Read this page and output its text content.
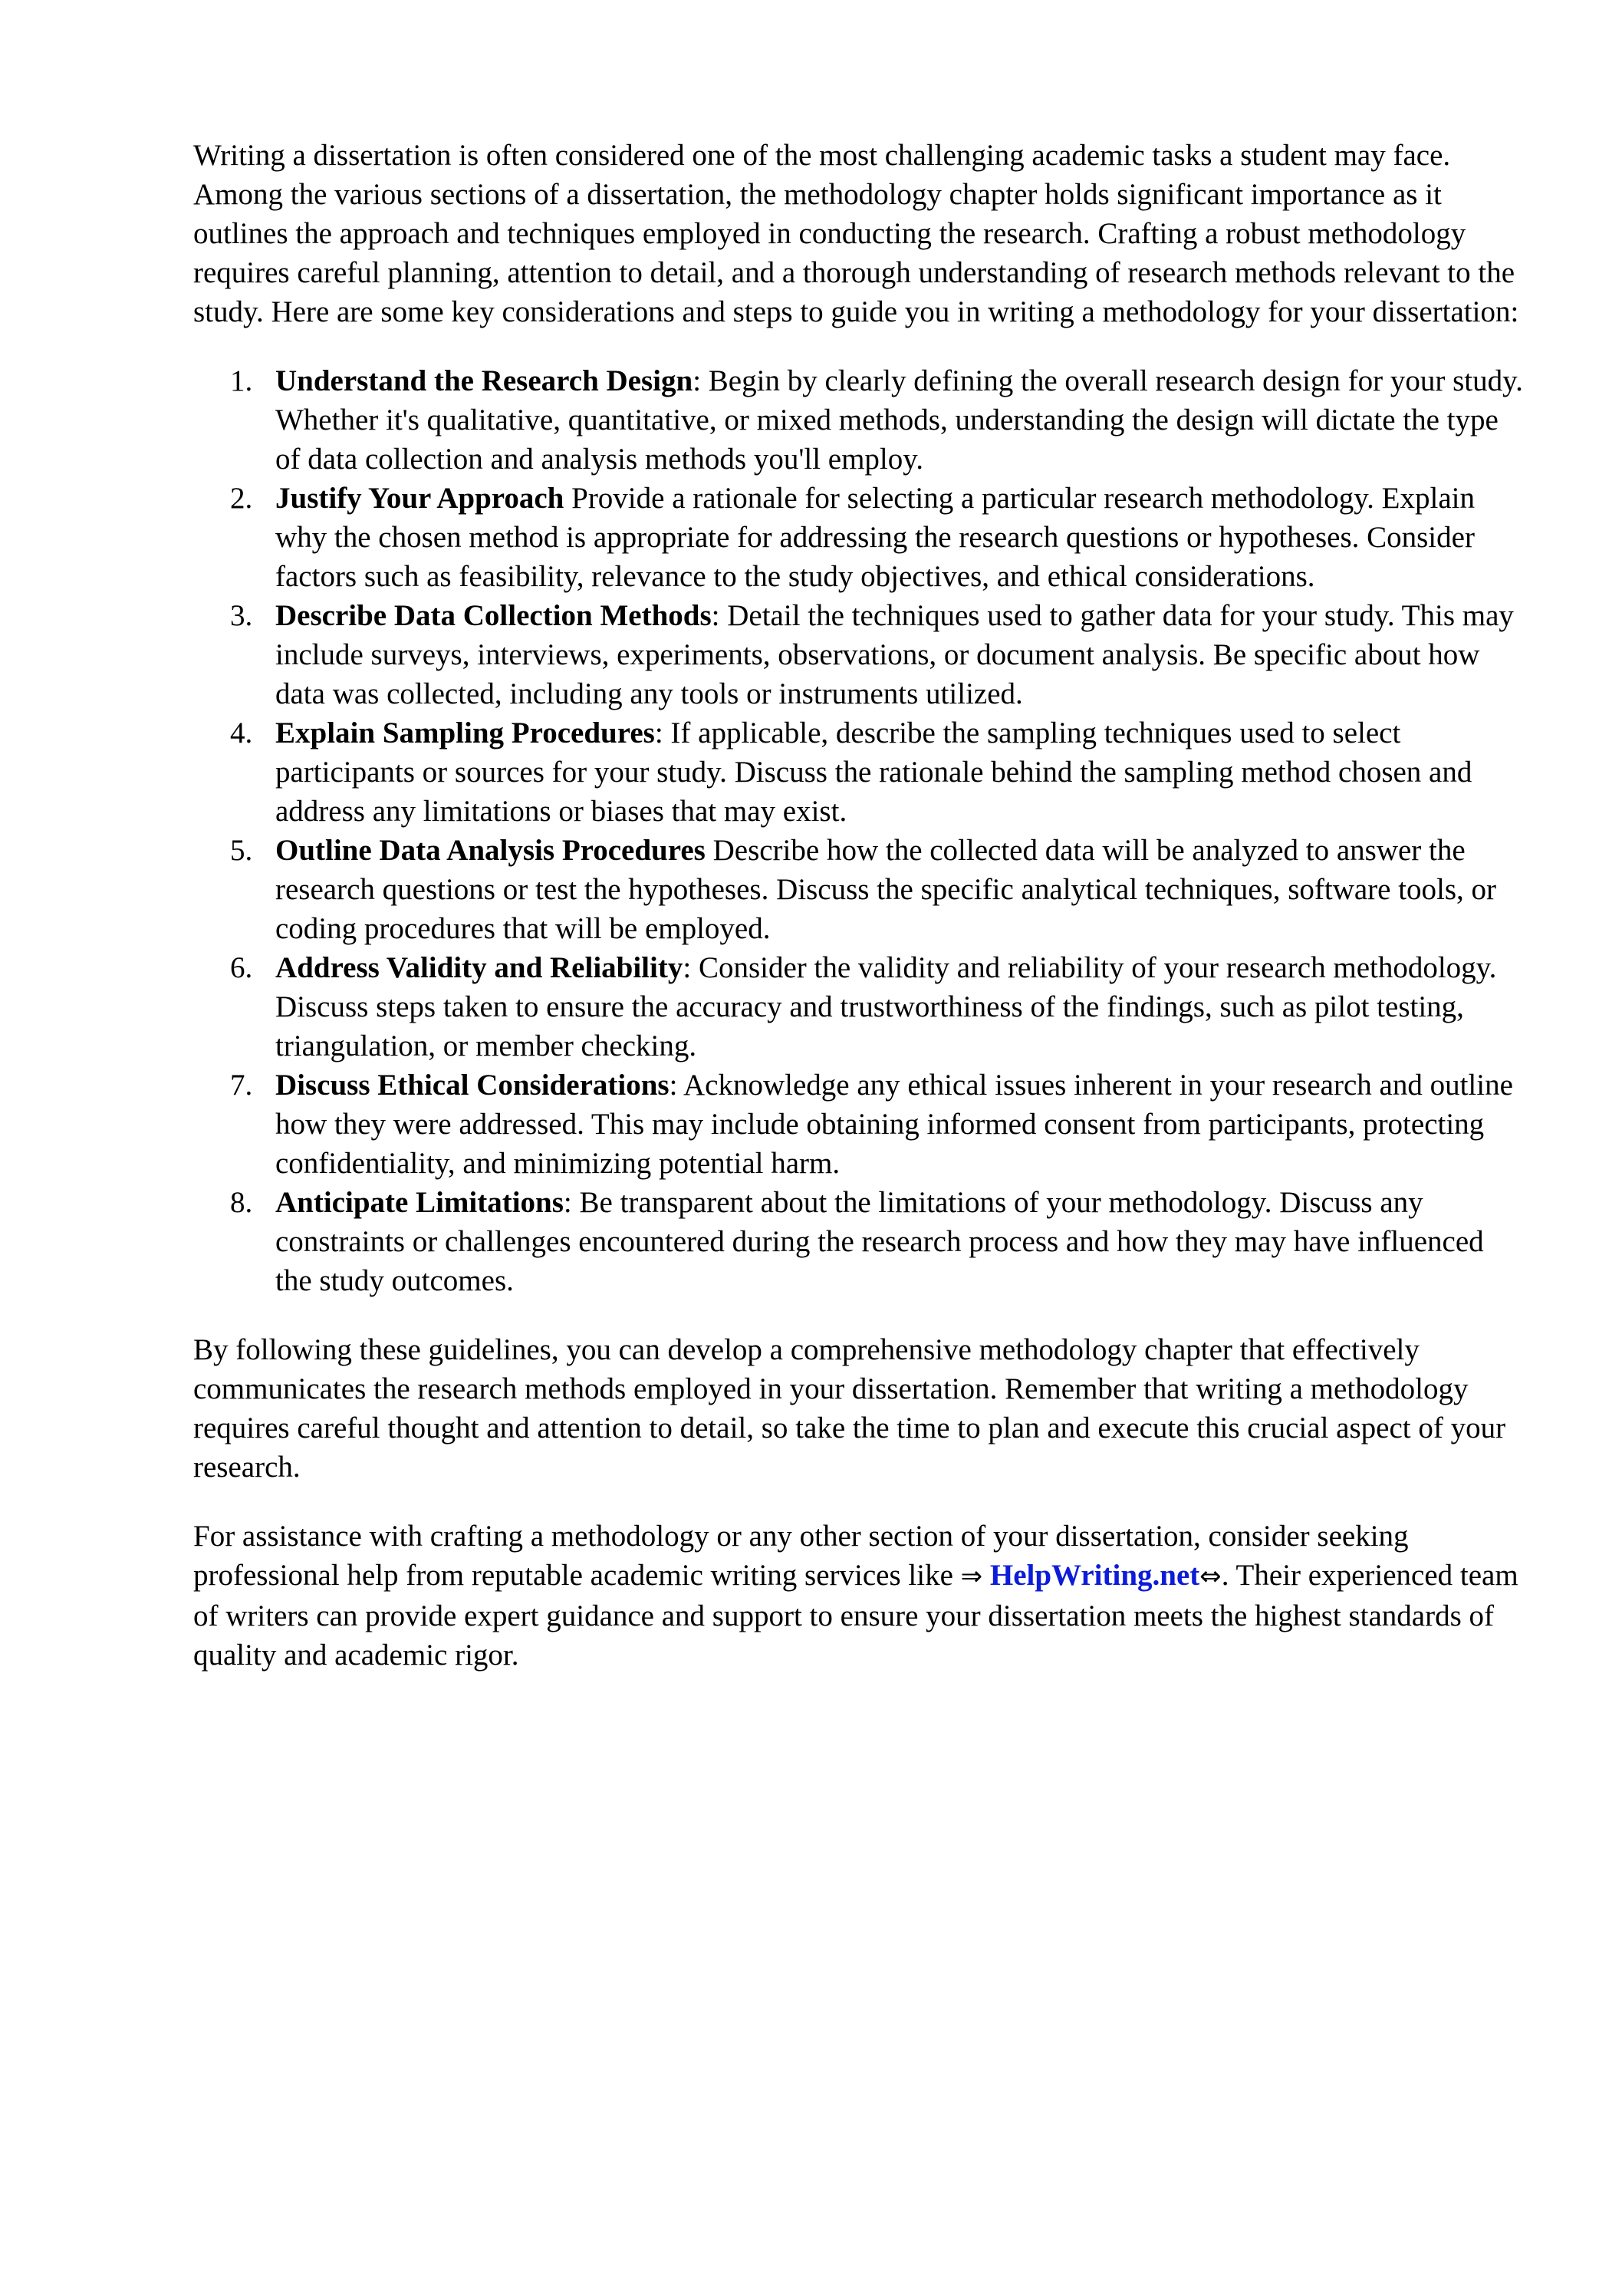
Writing a dissertation is often considered one of the most challenging academic tasks a student may face. Among the various sections of a dissertation, the methodology chapter holds significant importance as it outlines the approach and techniques employed in conducting the research. Crafting a robust methodology requires careful planning, attention to detail, and a thorough understanding of research methods relevant to the study. Here are some key considerations and steps to guide you in writing a methodology for your dissertation:

1. Understand the Research Design: Begin by clearly defining the overall research design for your study. Whether it's qualitative, quantitative, or mixed methods, understanding the design will dictate the type of data collection and analysis methods you'll employ.
2. Justify Your Approach Provide a rationale for selecting a particular research methodology. Explain why the chosen method is appropriate for addressing the research questions or hypotheses. Consider factors such as feasibility, relevance to the study objectives, and ethical considerations.
3. Describe Data Collection Methods: Detail the techniques used to gather data for your study. This may include surveys, interviews, experiments, observations, or document analysis. Be specific about how data was collected, including any tools or instruments utilized.
4. Explain Sampling Procedures: If applicable, describe the sampling techniques used to select participants or sources for your study. Discuss the rationale behind the sampling method chosen and address any limitations or biases that may exist.
5. Outline Data Analysis Procedures Describe how the collected data will be analyzed to answer the research questions or test the hypotheses. Discuss the specific analytical techniques, software tools, or coding procedures that will be employed.
6. Address Validity and Reliability: Consider the validity and reliability of your research methodology. Discuss steps taken to ensure the accuracy and trustworthiness of the findings, such as pilot testing, triangulation, or member checking.
7. Discuss Ethical Considerations: Acknowledge any ethical issues inherent in your research and outline how they were addressed. This may include obtaining informed consent from participants, protecting confidentiality, and minimizing potential harm.
8. Anticipate Limitations: Be transparent about the limitations of your methodology. Discuss any constraints or challenges encountered during the research process and how they may have influenced the study outcomes.

By following these guidelines, you can develop a comprehensive methodology chapter that effectively communicates the research methods employed in your dissertation. Remember that writing a methodology requires careful thought and attention to detail, so take the time to plan and execute this crucial aspect of your research.

For assistance with crafting a methodology or any other section of your dissertation, consider seeking professional help from reputable academic writing services like ⇒ HelpWriting.net⇔. Their experienced team of writers can provide expert guidance and support to ensure your dissertation meets the highest standards of quality and academic rigor.
